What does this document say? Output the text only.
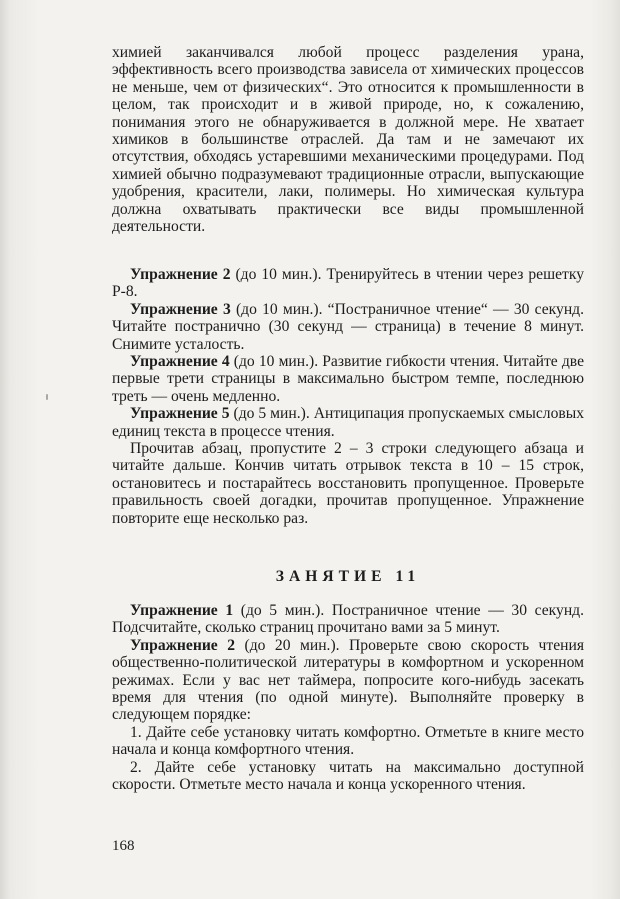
химией заканчивался любой процесс разделения урана, эффективность всего производства зависела от химических процессов не меньше, чем от физических“. Это относится к промышленности в целом, так происходит и в живой природе, но, к сожалению, понимания этого не обнаруживается в должной мере. Не хватает химиков в большинстве отраслей. Да там и не замечают их отсутствия, обходясь устаревшими механическими процедурами. Под химией обычно подразумевают традиционные отрасли, выпускающие удобрения, красители, лаки, полимеры. Но химическая культура должна охватывать практически все виды промышленной деятельности.

Упражнение 2 (до 10 мин.). Тренируйтесь в чтении через решетку Р-8.

Упражнение 3 (до 10 мин.). “Постраничное чтение“ — 30 секунд. Читайте постранично (30 секунд — страница) в течение 8 минут. Снимите усталость.

Упражнение 4 (до 10 мин.). Развитие гибкости чтения. Читайте две первые трети страницы в максимально быстром темпе, последнюю треть — очень медленно.

Упражнение 5 (до 5 мин.). Антиципация пропускаемых смысловых единиц текста в процессе чтения.

Прочитав абзац, пропустите 2 – 3 строки следующего абзаца и читайте дальше. Кончив читать отрывок текста в 10 – 15 строк, остановитесь и постарайтесь восстановить пропущенное. Проверьте правильность своей догадки, прочитав пропущенное. Упражнение повторите еще несколько раз.

ЗАНЯТИЕ 11

Упражнение 1 (до 5 мин.). Постраничное чтение — 30 секунд. Подсчитайте, сколько страниц прочитано вами за 5 минут.

Упражнение 2 (до 20 мин.). Проверьте свою скорость чтения общественно-политической литературы в комфортном и ускоренном режимах. Если у вас нет таймера, попросите кого-нибудь засекать время для чтения (по одной минуте). Выполняйте проверку в следующем порядке:

1. Дайте себе установку читать комфортно. Отметьте в книге место начала и конца комфортного чтения.

2. Дайте себе установку читать на максимально доступной скорости. Отметьте место начала и конца ускоренного чтения.

168
